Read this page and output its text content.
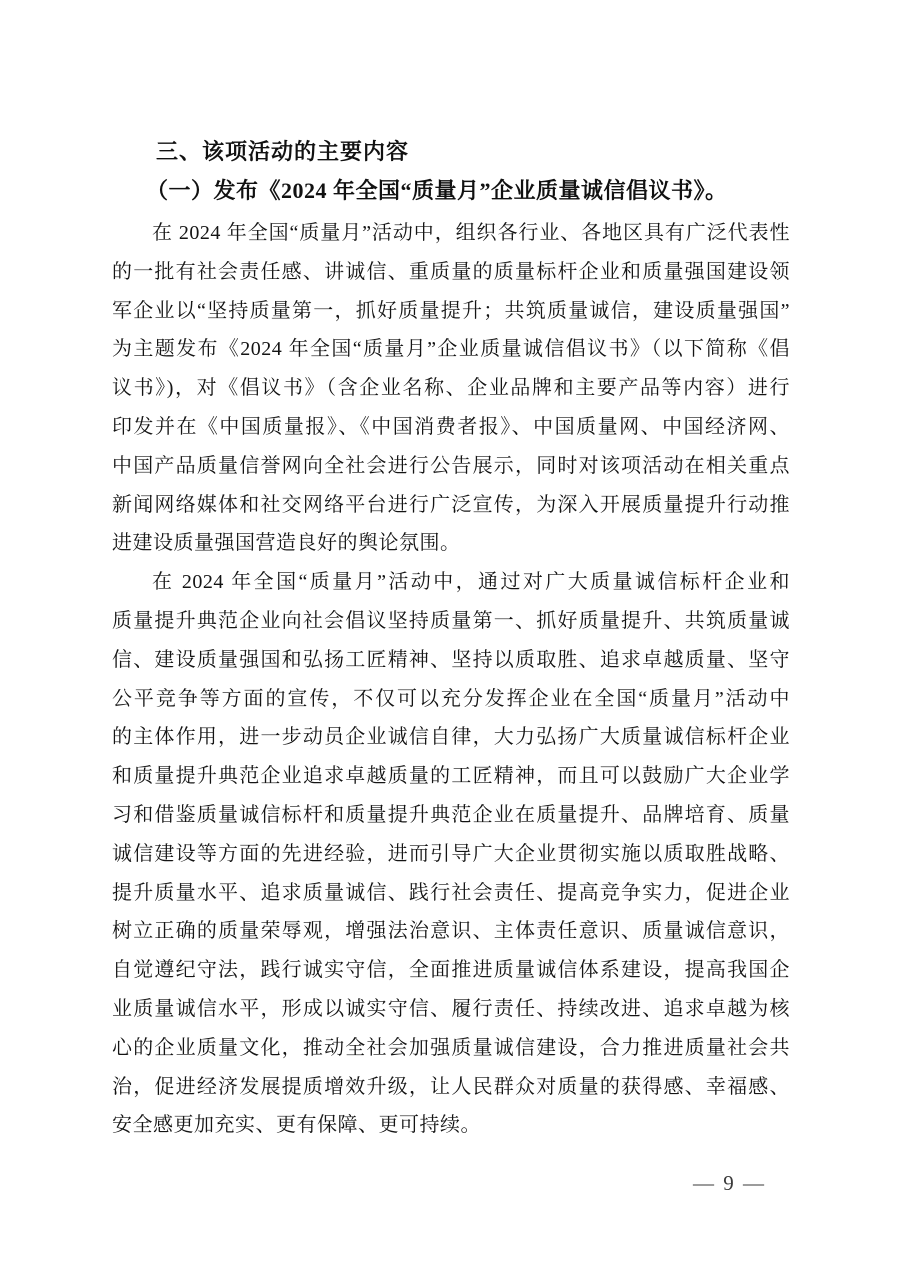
三、该项活动的主要内容
（一）发布《2024 年全国“质量月”企业质量诚信倡议书》。
在 2024 年全国“质量月”活动中，组织各行业、各地区具有广泛代表性
的一批有社会责任感、讲诚信、重质量的质量标杆企业和质量强国建设领
军企业以“坚持质量第一，抓好质量提升；共筑质量诚信，建设质量强国”
为主题发布《2024 年全国“质量月”企业质量诚信倡议书》（以下简称《倡
议书》)，对《倡议书》（含企业名称、企业品牌和主要产品等内容）进行
印发并在《中国质量报》、《中国消费者报》、中国质量网、中国经济网、
中国产品质量信誉网向全社会进行公告展示，同时对该项活动在相关重点
新闻网络媒体和社交网络平台进行广泛宣传，为深入开展质量提升行动推
进建设质量强国营造良好的舆论氛围。
在 2024 年全国“质量月”活动中，通过对广大质量诚信标杆企业和
质量提升典范企业向社会倡议坚持质量第一、抓好质量提升、共筑质量诚
信、建设质量强国和弘扬工匠精神、坚持以质取胜、追求卓越质量、坚守
公平竞争等方面的宣传，不仅可以充分发挥企业在全国“质量月”活动中
的主体作用，进一步动员企业诚信自律，大力弘扬广大质量诚信标杆企业
和质量提升典范企业追求卓越质量的工匠精神，而且可以鼓励广大企业学
习和借鉴质量诚信标杆和质量提升典范企业在质量提升、品牌培育、质量
诚信建设等方面的先进经验，进而引导广大企业贯彻实施以质取胜战略、
提升质量水平、追求质量诚信、践行社会责任、提高竞争实力，促进企业
树立正确的质量荣辱观，增强法治意识、主体责任意识、质量诚信意识，
自觉遵纪守法，践行诚实守信，全面推进质量诚信体系建设，提高我国企
业质量诚信水平，形成以诚实守信、履行责任、持续改进、追求卓越为核
心的企业质量文化，推动全社会加强质量诚信建设，合力推进质量社会共
治，促进经济发展提质增效升级，让人民群众对质量的获得感、幸福感、
安全感更加充实、更有保障、更可持续。
— 9 —
